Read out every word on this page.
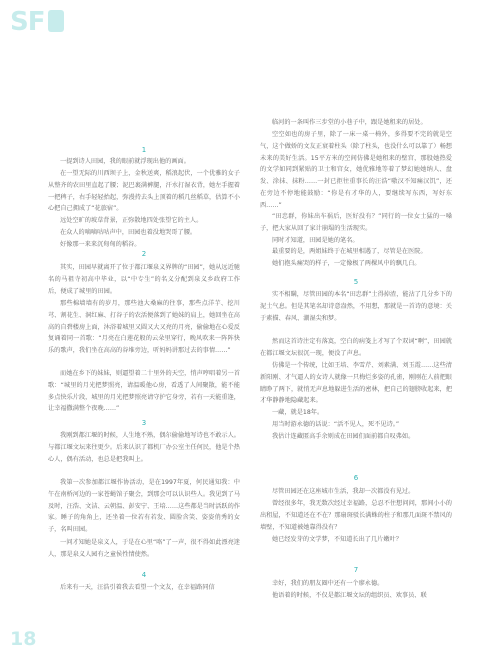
SF
1
一提到诗人田园，我的眼前就浮现出他的画面。
在一望无际的川西坝子上，金秋送爽，稻浪起伏，一个优雅的女子从整齐的农田里直起了腰；泥巴裹满裤腿，汗水打湿衣背，她左手握着一把稗子，右手轻轻抬起，弥漫持去头上顶着的稻几丝稻草，估算不小心把自己拥成了“花旅宿”。
远处空旷的坡草背景，正弥散地四处张望它的主人。
在众人的嘀嘀咕咕声中，田园也着没地哭哥了腰。
好像那一来来沉甸甸的稻谷。
2
其实，田园早就离开了位于都江堰泉义界牌的“田园”，她从远近驰名的马祖寺初高中毕业，以“中专生”的名义分配到泉义乡政府工作后，便成了城里的田园。
那些棉墙墙有的岁月，那些池大桑麻的往事，那些点洋芋、挖川芎、割花生、洞红麻、打谷子的农活便落到了她妹的肩上，她回坐在高高的自碧楼房上面，沐浴着城里又圆又大又亮的月亮，偷偷地在心爱反复诵着同一首歌：“月亮在白莲花般的云朵里穿行，晚风吹来一阵阵快乐的歌声，我们坐在高高的谷堆旁边，听妈妈讲那过去的事情……”
而她在乡下的妹妹，则逼望着二十里外的天空，悄声哼唱着另一首歌：“城里的月光把梦照亮，请温暖他心房，看透了人间聚散，能不能多点快乐片段，城里的月光把梦照亮请守护它身旁，若有一天能重逢，让幸福撒满整个夜晚……”
3
我刚到都江堰的时候，人生地不熟，偶尔偷偷地写诗也不敢示人。与都江堰文坛来往更少。后来认识了都机厂办公室主任何民，他是个热心人，偶有活动，也总是把我叫上。
我第一次参加都江堰作协活动，是在1997年夏，何民通知我：中午在南桥河边的一家苍蝇馆子聚会，到那会可以认识些人。我见到了马及时，汪浩、文洁、云朝温、彭安宁、王培……这些都是当时活跃的作家。睡子的角角上，还坐着一位若有若发、圆脸含笑、姿姿俏秀的女子，名叫田园。
一问才知她是泉义人，于是在心里“咯”了一声，很不得如此漂亮迷人，那是泉义人园有之童侯性情使然。
4
后来有一天，汪浩引着我去看望一个文友，在幸福路同信
临河的一条叫作三步堂的小巷子中，跟是她租来的居处。
空空如也的房子里，除了一床一桌一椅外，多得要不完的就是空气，这个做娇的文友正衰着柱头（除了柱头，也没什么可以靠了）畅想未来的美好生活。15平方米的空间仿佛是她租来的壁宫，那股她热爱的文学如同到紧贴的卫士和宫女，她优雅地等着了梦幻她她纳人、盘发、涂抹、抹粉……一封已拒往重事长的汪浩“嗷汉不知痛汉饥”，还在旁边不停地能鼓励：“你是有才华的人，要继续写东西，写好东西……”
“田忠群，你妹出车祸后，医好没有？”同行的一位女士猛的一嗓子，把大家从回了家计崩塌的生活现实。
同时才知道，田园是她的笔名。
最重要的是，两姐妹终于在城里相遇了，尽管是在医院。
她们抱头痛哭的样子，一定像极了两棵风中的飘几白。
5
实不相瞒，尽管田园的本名“田忠群”土得掉渣，能沾了几分乡下的泥土气息。但是其笔名却诗意盎然，不用想，那就是一首诗的意境：关于素描、春风、潮湿尖和梦。
然而这首诗注定有落寞，空白的病笺上才写了个双词“啊”，田园就在都江堰文坛很沉一现，便没了声息。
仿佛是一个传统，比如王培、李雪芹、刘素满、刘玉霞……这些清新阳刚、才气逼人的女诗人就像一只梅烂多姿的孔雀，刚刚在人前把眼睛睁了两下，就悄无声息地躲进生活的密林，把自己的翅膀收起来，把才华静静地隐藏起来。
一藏，就是18年。
用当时游永德的话说：“活不见人，死不见诗。”
我估计连藏匿高手余则成在田园们面前都自叹弗如。
6
尽管田园还在这座城市生活，我却一次都没有见过。
曾经很多年，我无数次经过幸福路，总忍不住想问问，那间小小的出租屋，不知道还在不在？那扇斑驳长满蛛的柱子和那几面斑不禁风的墙壁，不知道被她靠得没有？
她已经发芽的文学梦，不知道长出了几片嫩叶？
7
幸好，我们的朋友圈中还有一个廖永德。
他语着的时候，不仅是都江堰文坛的组织员、欢事员、联
18
